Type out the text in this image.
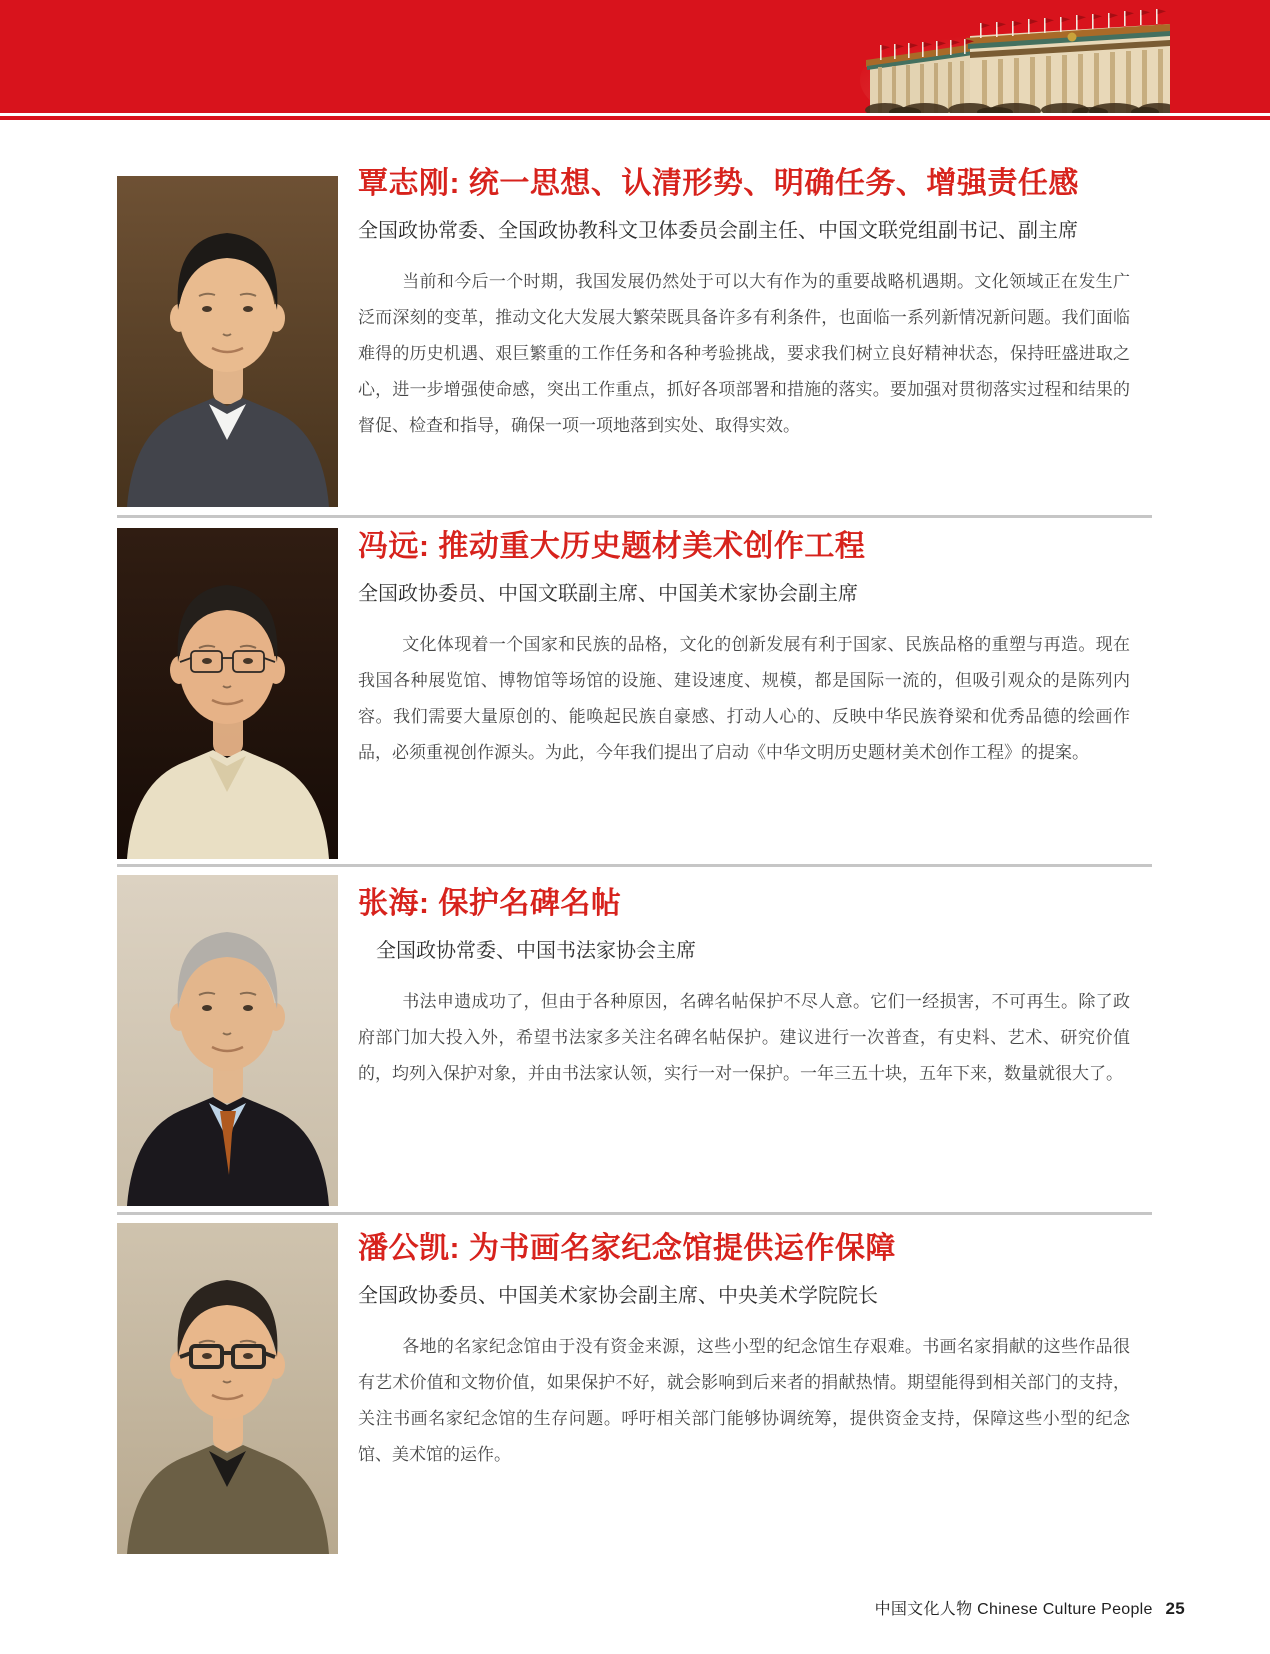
覃志刚: 统一思想、认清形势、明确任务、增强责任感

全国政协常委、全国政协教科文卫体委员会副主任、中国文联党组副书记、副主席

当前和今后一个时期，我国发展仍然处于可以大有作为的重要战略机遇期。文化领域正在发生广泛而深刻的变革，推动文化大发展大繁荣既具备许多有利条件，也面临一系列新情况新问题。我们面临难得的历史机遇、艰巨繁重的工作任务和各种考验挑战，要求我们树立良好精神状态，保持旺盛进取之心，进一步增强使命感，突出工作重点，抓好各项部署和措施的落实。要加强对贯彻落实过程和结果的督促、检查和指导，确保一项一项地落到实处、取得实效。

冯远: 推动重大历史题材美术创作工程

全国政协委员、中国文联副主席、中国美术家协会副主席

文化体现着一个国家和民族的品格，文化的创新发展有利于国家、民族品格的重塑与再造。现在我国各种展览馆、博物馆等场馆的设施、建设速度、规模，都是国际一流的，但吸引观众的是陈列内容。我们需要大量原创的、能唤起民族自豪感、打动人心的、反映中华民族脊梁和优秀品德的绘画作品，必须重视创作源头。为此，今年我们提出了启动《中华文明历史题材美术创作工程》的提案。

张海: 保护名碑名帖

全国政协常委、中国书法家协会主席

书法申遗成功了，但由于各种原因，名碑名帖保护不尽人意。它们一经损害，不可再生。除了政府部门加大投入外，希望书法家多关注名碑名帖保护。建议进行一次普查，有史料、艺术、研究价值的，均列入保护对象，并由书法家认领，实行一对一保护。一年三五十块，五年下来，数量就很大了。

潘公凯: 为书画名家纪念馆提供运作保障

全国政协委员、中国美术家协会副主席、中央美术学院院长

各地的名家纪念馆由于没有资金来源，这些小型的纪念馆生存艰难。书画名家捐献的这些作品很有艺术价值和文物价值，如果保护不好，就会影响到后来者的捐献热情。期望能得到相关部门的支持，关注书画名家纪念馆的生存问题。呼吁相关部门能够协调统筹，提供资金支持，保障这些小型的纪念馆、美术馆的运作。

中国文化人物 Chinese Culture People 25
